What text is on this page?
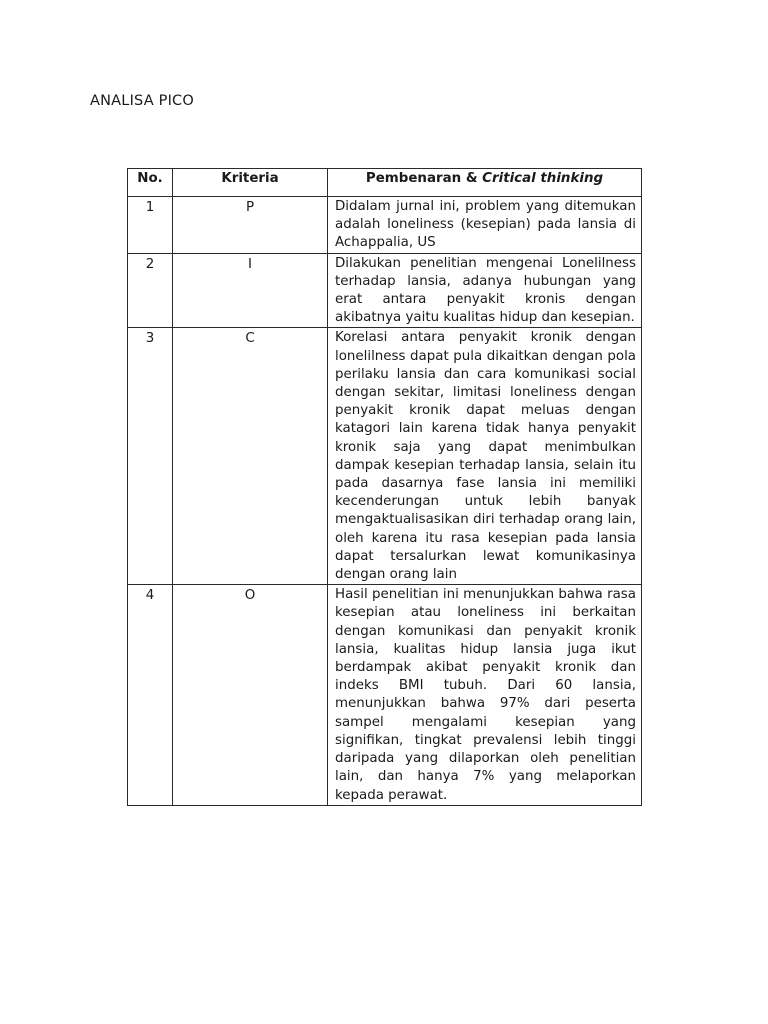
ANALISA PICO
No.	Kriteria	Pembenaran & Critical thinking
1	P	Didalam jurnal ini, problem yang ditemukan adalah loneliness (kesepian) pada lansia di Achappalia, US
2	I	Dilakukan penelitian mengenai Lonelilness terhadap lansia, adanya hubungan yang erat antara penyakit kronis dengan akibatnya yaitu kualitas hidup dan kesepian.
3	C	Korelasi antara penyakit kronik dengan lonelilness dapat pula dikaitkan dengan pola perilaku lansia dan cara komunikasi social dengan sekitar, limitasi loneliness dengan penyakit kronik dapat meluas dengan katagori lain karena tidak hanya penyakit kronik saja yang dapat menimbulkan dampak kesepian terhadap lansia, selain itu pada dasarnya fase lansia ini memiliki kecenderungan untuk lebih banyak mengaktualisasikan diri terhadap orang lain, oleh karena itu rasa kesepian pada lansia dapat tersalurkan lewat komunikasinya dengan orang lain
4	O	Hasil penelitian ini menunjukkan bahwa rasa kesepian atau loneliness ini berkaitan dengan komunikasi dan penyakit kronik lansia, kualitas hidup lansia juga ikut berdampak akibat penyakit kronik dan indeks BMI tubuh. Dari 60 lansia, menunjukkan bahwa 97% dari peserta sampel mengalami kesepian yang signifikan, tingkat prevalensi lebih tinggi daripada yang dilaporkan oleh penelitian lain, dan hanya 7% yang melaporkan kepada perawat.
